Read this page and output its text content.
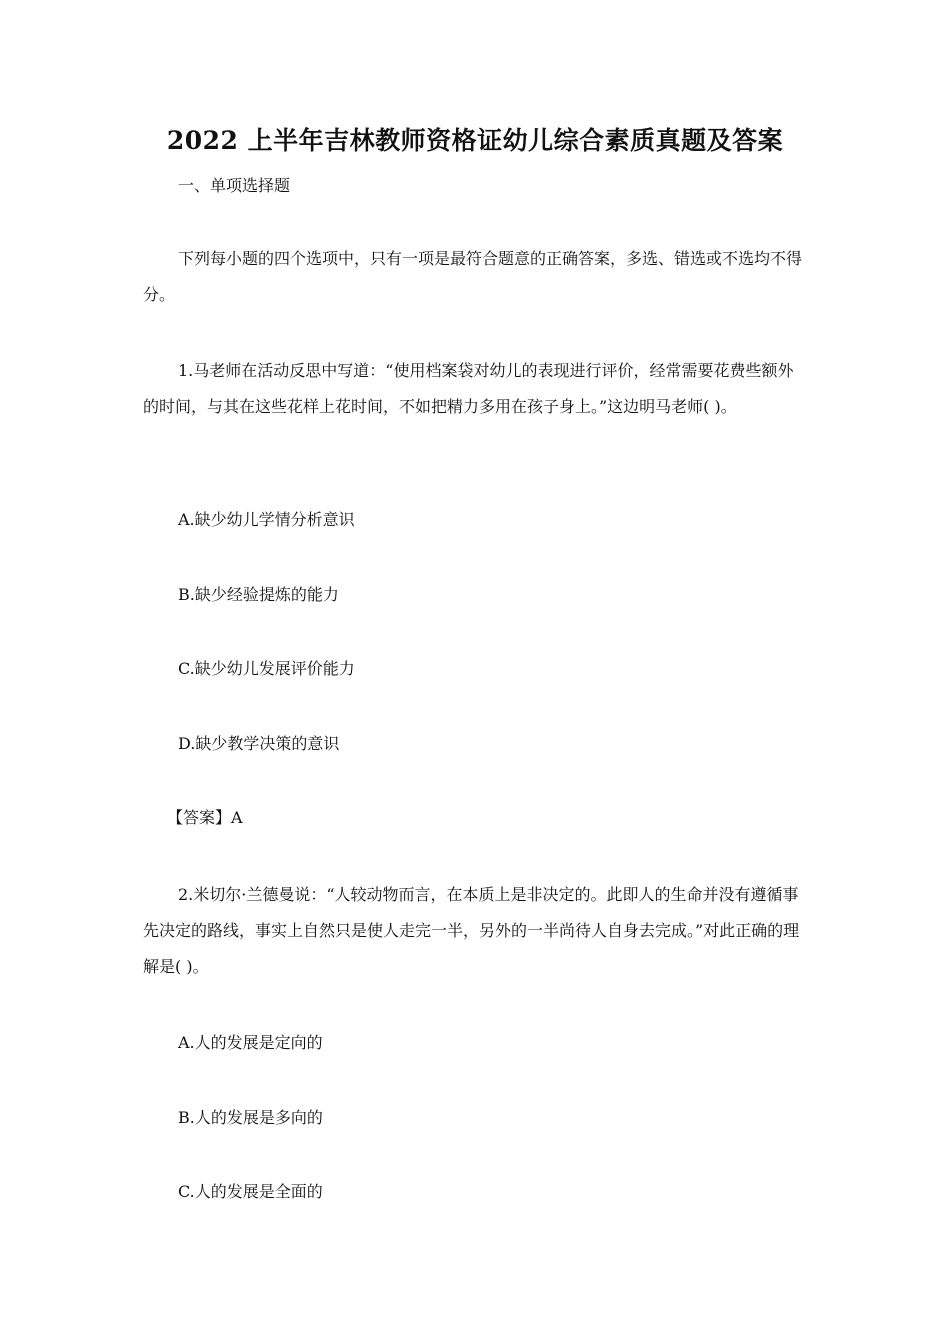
2022 上半年吉林教师资格证幼儿综合素质真题及答案
一、单项选择题
下列每小题的四个选项中，只有一项是最符合题意的正确答案，多选、错选或不选均不得分。
1.马老师在活动反思中写道：“使用档案袋对幼儿的表现进行评价，经常需要花费些额外的时间，与其在这些花样上花时间，不如把精力多用在孩子身上。”这边明马老师( )。
A.缺少幼儿学情分析意识
B.缺少经验提炼的能力
C.缺少幼儿发展评价能力
D.缺少教学决策的意识
【答案】A
2.米切尔·兰德曼说：“人较动物而言，在本质上是非决定的。此即人的生命并没有遵循事先决定的路线，事实上自然只是使人走完一半，另外的一半尚待人自身去完成。”对此正确的理解是( )。
A.人的发展是定向的
B.人的发展是多向的
C.人的发展是全面的
